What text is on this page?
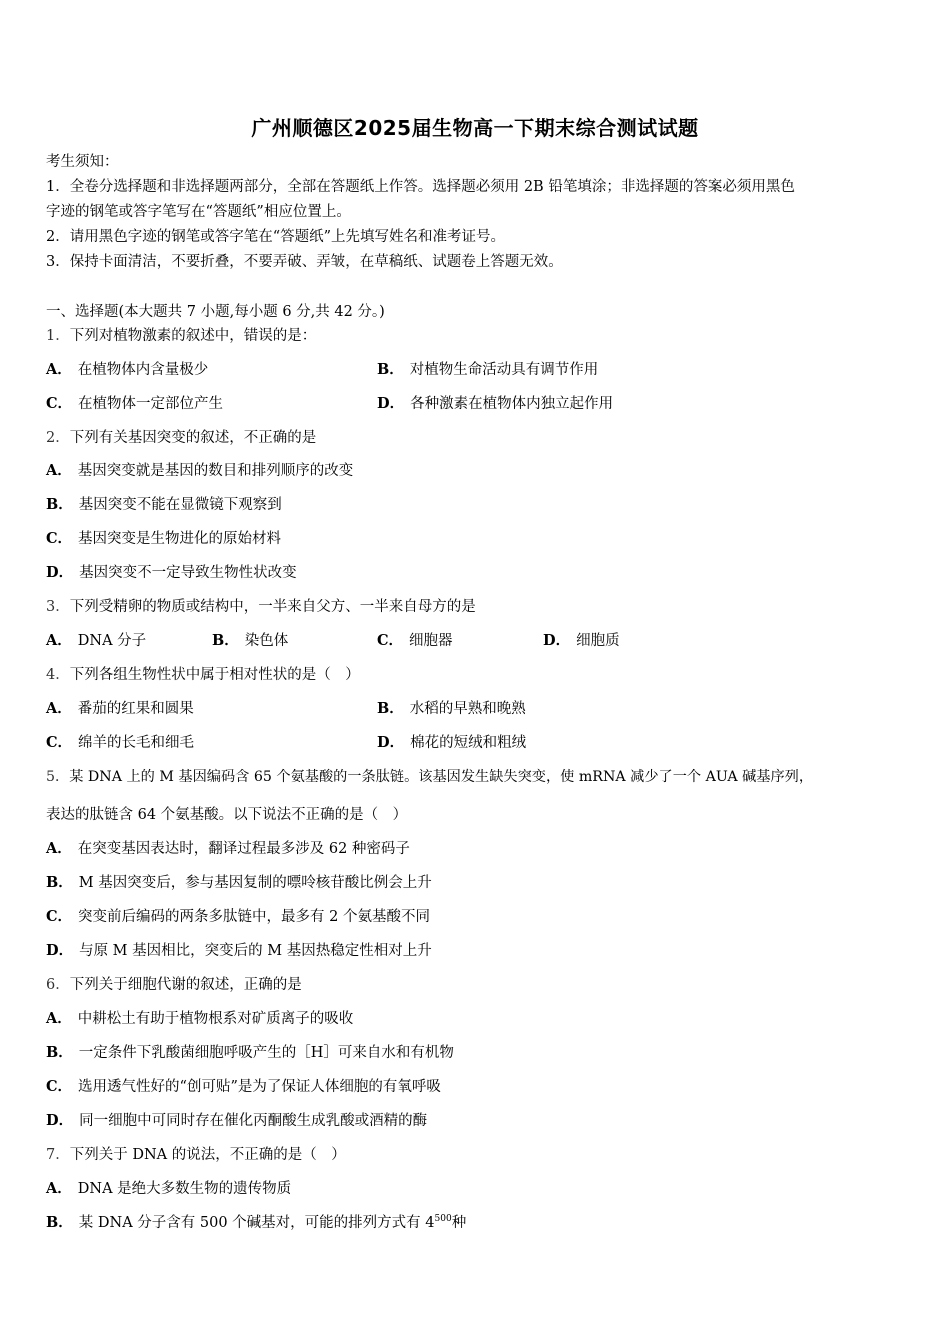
广州顺德区2025届生物高一下期末综合测试试题
考生须知：
1．全卷分选择题和非选择题两部分，全部在答题纸上作答。选择题必须用 2B 铅笔填涂；非选择题的答案必须用黑色
字迹的钢笔或答字笔写在“答题纸”相应位置上。
2．请用黑色字迹的钢笔或答字笔在“答题纸”上先填写姓名和准考证号。
3．保持卡面清洁，不要折叠，不要弄破、弄皱，在草稿纸、试题卷上答题无效。
一、选择题(本大题共 7 小题,每小题 6 分,共 42 分。)
1．下列对植物激素的叙述中，错误的是：
A． 在植物体内含量极少	B． 对植物生命活动具有调节作用
C． 在植物体一定部位产生	D． 各种激素在植物体内独立起作用
2．下列有关基因突变的叙述，不正确的是
A． 基因突变就是基因的数目和排列顺序的改变
B． 基因突变不能在显微镜下观察到
C． 基因突变是生物进化的原始材料
D． 基因突变不一定导致生物性状改变
3．下列受精卵的物质或结构中，一半来自父方、一半来自母方的是
A． DNA 分子	B． 染色体	C． 细胞器	D． 细胞质
4．下列各组生物性状中属于相对性状的是（　）
A． 番茄的红果和圆果	B． 水稻的早熟和晚熟
C． 绵羊的长毛和细毛	D． 棉花的短绒和粗绒
5．某 DNA 上的 M 基因编码含 65 个氨基酸的一条肽链。该基因发生缺失突变，使 mRNA 减少了一个 AUA 碱基序列，
表达的肽链含 64 个氨基酸。以下说法不正确的是（　）
A． 在突变基因表达时，翻译过程最多涉及 62 种密码子
B． M 基因突变后，参与基因复制的嘌呤核苷酸比例会上升
C． 突变前后编码的两条多肽链中，最多有 2 个氨基酸不同
D． 与原 M 基因相比，突变后的 M 基因热稳定性相对上升
6．下列关于细胞代谢的叙述，正确的是
A． 中耕松土有助于植物根系对矿质离子的吸收
B． 一定条件下乳酸菌细胞呼吸产生的［H］可来自水和有机物
C． 选用透气性好的“创可贴”是为了保证人体细胞的有氧呼吸
D． 同一细胞中可同时存在催化丙酮酸生成乳酸或酒精的酶
7．下列关于 DNA 的说法，不正确的是（　）
A． DNA 是绝大多数生物的遗传物质
B． 某 DNA 分子含有 500 个碱基对，可能的排列方式有 $4^{500}$种
